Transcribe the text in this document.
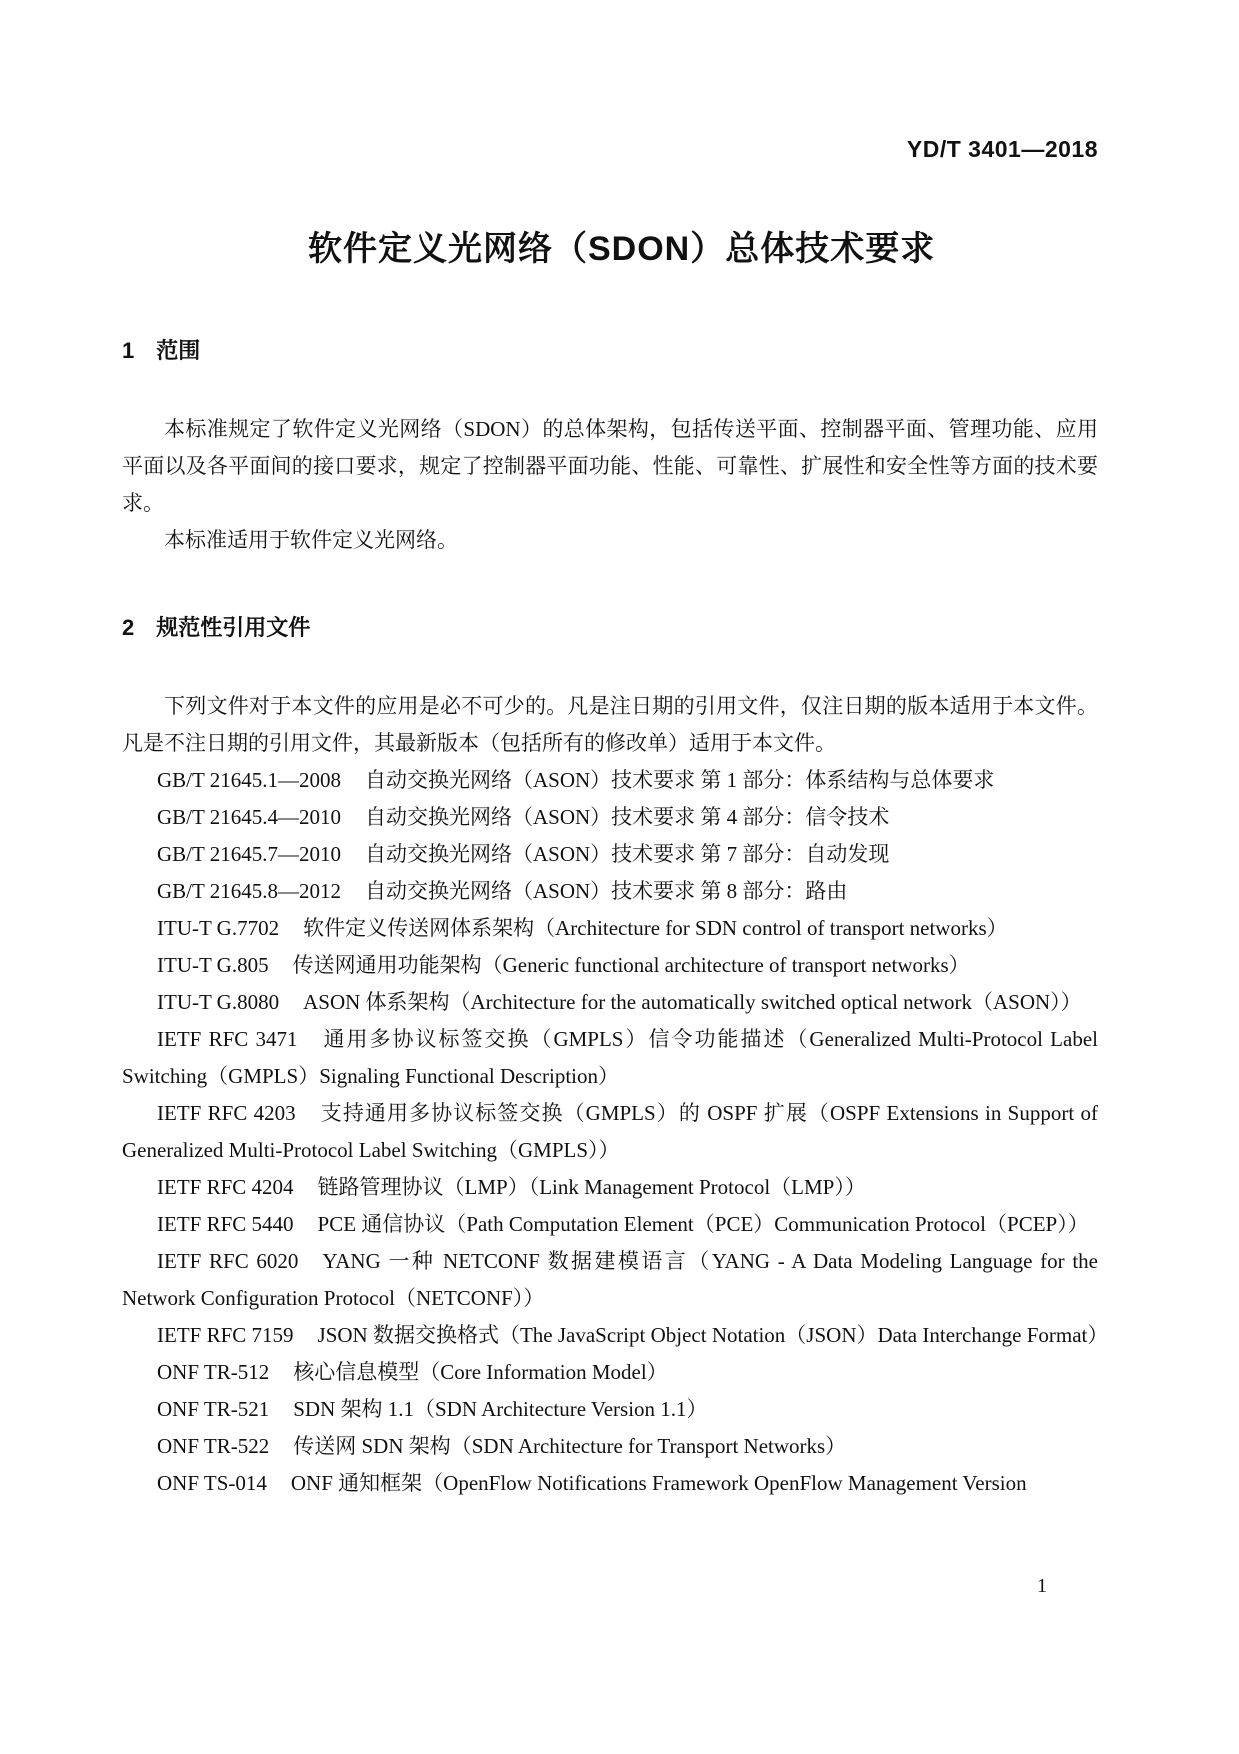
YD/T 3401—2018
软件定义光网络（SDON）总体技术要求
1 范围

本标准规定了软件定义光网络（SDON）的总体架构，包括传送平面、控制器平面、管理功能、应用平面以及各平面间的接口要求，规定了控制器平面功能、性能、可靠性、扩展性和安全性等方面的技术要求。

本标准适用于软件定义光网络。

2 规范性引用文件

下列文件对于本文件的应用是必不可少的。凡是注日期的引用文件，仅注日期的版本适用于本文件。凡是不注日期的引用文件，其最新版本（包括所有的修改单）适用于本文件。

GB/T 21645.1—2008 自动交换光网络（ASON）技术要求 第 1 部分：体系结构与总体要求

GB/T 21645.4—2010 自动交换光网络（ASON）技术要求 第 4 部分：信令技术

GB/T 21645.7—2010 自动交换光网络（ASON）技术要求 第 7 部分：自动发现

GB/T 21645.8—2012 自动交换光网络（ASON）技术要求 第 8 部分：路由

ITU-T G.7702 软件定义传送网体系架构（Architecture for SDN control of transport networks）

ITU-T G.805 传送网通用功能架构（Generic functional architecture of transport networks）

ITU-T G.8080 ASON 体系架构（Architecture for the automatically switched optical network（ASON））

IETF RFC 3471 通用多协议标签交换（GMPLS）信令功能描述（Generalized Multi-Protocol Label Switching（GMPLS）Signaling Functional Description）

IETF RFC 4203 支持通用多协议标签交换（GMPLS）的 OSPF 扩展（OSPF Extensions in Support of Generalized Multi-Protocol Label Switching（GMPLS））

IETF RFC 4204 链路管理协议（LMP）（Link Management Protocol（LMP））

IETF RFC 5440 PCE 通信协议（Path Computation Element（PCE）Communication Protocol（PCEP））

IETF RFC 6020 YANG 一种 NETCONF 数据建模语言（YANG - A Data Modeling Language for the Network Configuration Protocol（NETCONF））

IETF RFC 7159 JSON 数据交换格式（The JavaScript Object Notation（JSON）Data Interchange Format）

ONF TR-512 核心信息模型（Core Information Model）

ONF TR-521 SDN 架构 1.1（SDN Architecture Version 1.1）

ONF TR-522 传送网 SDN 架构（SDN Architecture for Transport Networks）

ONF TS-014 ONF 通知框架（OpenFlow Notifications Framework OpenFlow Management Version

1
